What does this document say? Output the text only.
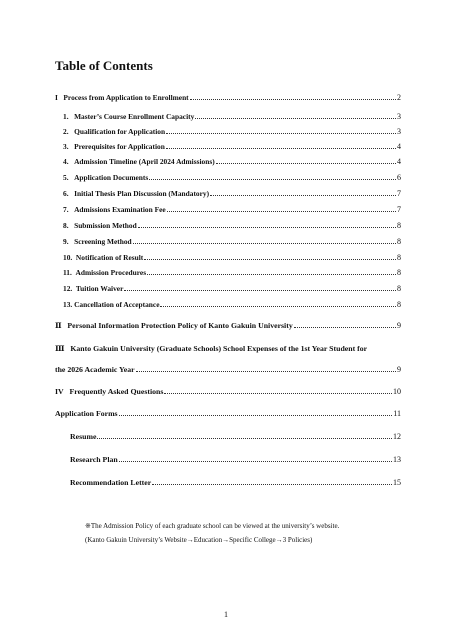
Table of Contents
I   Process from Application to Enrollment	2
1.   Master’s Course Enrollment Capacity	3
2.   Qualification for Application	3
3.   Prerequisites for Application	4
4.   Admission Timeline (April 2024 Admissions)	4
5.   Application Documents	6
6.   Initial Thesis Plan Discussion (Mandatory)	7
7.   Admissions Examination Fee	7
8.   Submission Method	8
9.   Screening Method	8
10.  Notification of Result	8
11.  Admission Procedures	8
12.  Tuition Waiver	8
13. Cancellation of Acceptance	8
Ⅱ   Personal Information Protection Policy of Kanto Gakuin University	9
Ⅲ   Kanto Gakuin University (Graduate Schools) School Expenses of the 1st Year Student for
the 2026 Academic Year	9
IV   Frequently Asked Questions	10
Application Forms	11
Resume	12
Research Plan	13
Recommendation Letter	15
※The Admission Policy of each graduate school can be viewed at the university’s website.
(Kanto Gakuin University’s Website→Education→Specific College→3 Policies)
1
